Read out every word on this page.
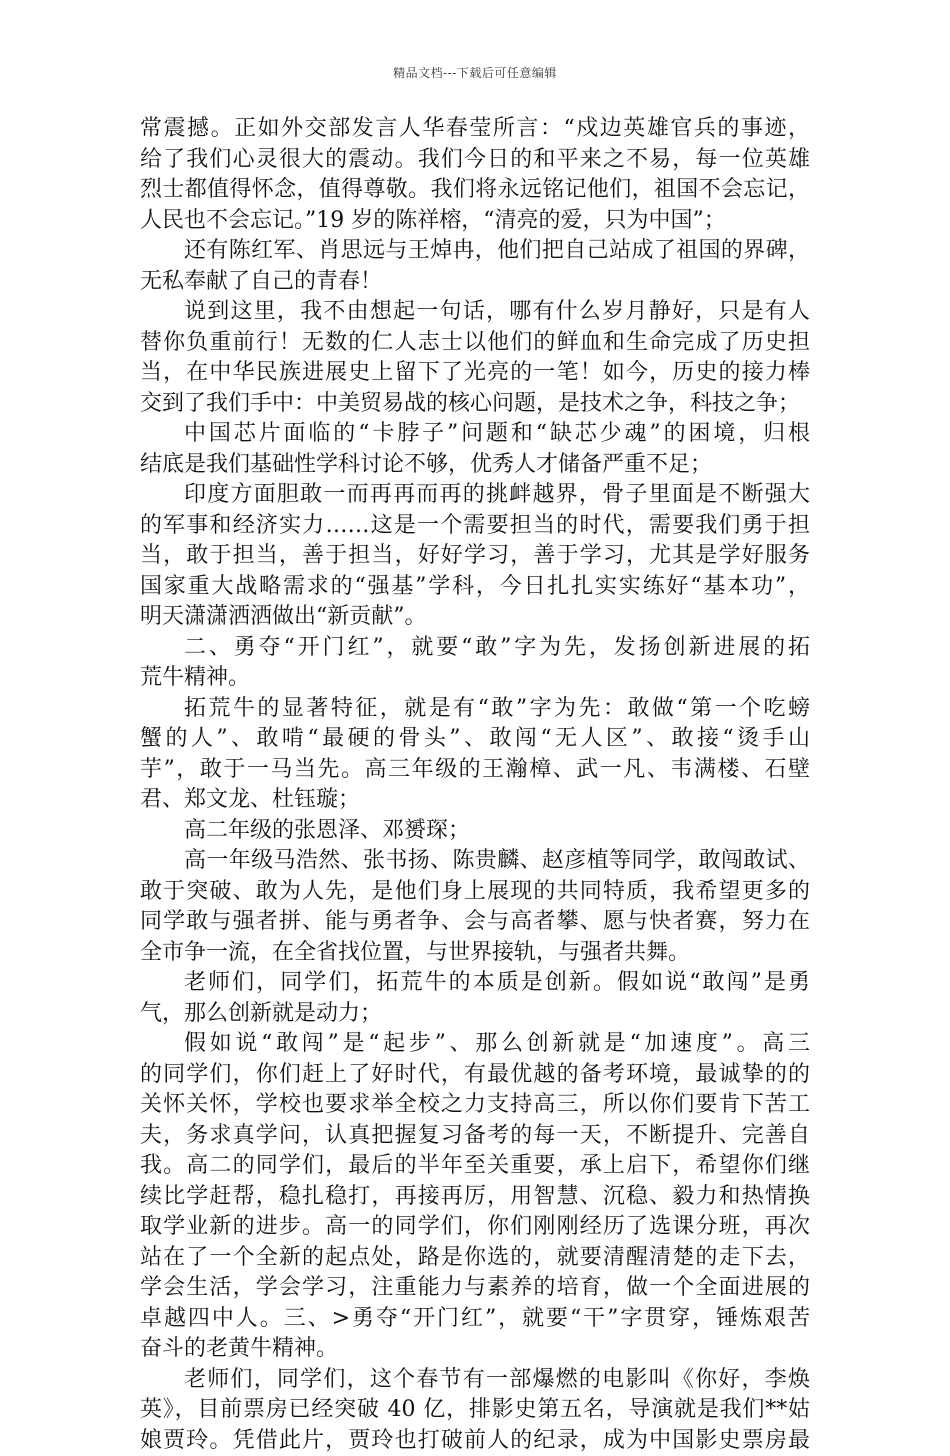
精品文档---下载后可任意编辑
常震撼。正如外交部发言人华春莹所言：“戍边英雄官兵的事迹，
给了我们心灵很大的震动。我们今日的和平来之不易，每一位英雄
烈士都值得怀念，值得尊敬。我们将永远铭记他们，祖国不会忘记，
人民也不会忘记。”19 岁的陈祥榕，“清亮的爱，只为中国”；
还有陈红军、肖思远与王焯冉，他们把自己站成了祖国的界碑，
无私奉献了自己的青春！
说到这里，我不由想起一句话，哪有什么岁月静好，只是有人
替你负重前行！无数的仁人志士以他们的鲜血和生命完成了历史担
当，在中华民族进展史上留下了光亮的一笔！如今，历史的接力棒
交到了我们手中：中美贸易战的核心问题，是技术之争，科技之争；
中国芯片面临的“卡脖子”问题和“缺芯少魂”的困境，归根
结底是我们基础性学科讨论不够，优秀人才储备严重不足；
印度方面胆敢一而再再而再的挑衅越界，骨子里面是不断强大
的军事和经济实力……这是一个需要担当的时代，需要我们勇于担
当，敢于担当，善于担当，好好学习，善于学习，尤其是学好服务
国家重大战略需求的“强基”学科，今日扎扎实实练好“基本功”，
明天潇潇洒洒做出“新贡献”。
二、勇夺“开门红”，就要“敢”字为先，发扬创新进展的拓
荒牛精神。
拓荒牛的显著特征，就是有“敢”字为先：敢做“第一个吃螃
蟹的人”、敢啃“最硬的骨头”、敢闯“无人区”、敢接“烫手山
芋”，敢于一马当先。高三年级的王瀚樟、武一凡、韦满楼、石壁
君、郑文龙、杜钰璇；
高二年级的张恩泽、邓赟琛；
高一年级马浩然、张书扬、陈贵麟、赵彦植等同学，敢闯敢试、
敢于突破、敢为人先，是他们身上展现的共同特质，我希望更多的
同学敢与强者拼、能与勇者争、会与高者攀、愿与快者赛，努力在
全市争一流，在全省找位置，与世界接轨，与强者共舞。
老师们，同学们，拓荒牛的本质是创新。假如说“敢闯”是勇
气，那么创新就是动力；
假如说“敢闯”是“起步”、那么创新就是“加速度”。高三
的同学们，你们赶上了好时代，有最优越的备考环境，最诚挚的的
关怀关怀，学校也要求举全校之力支持高三，所以你们要肯下苦工
夫，务求真学问，认真把握复习备考的每一天，不断提升、完善自
我。高二的同学们，最后的半年至关重要，承上启下，希望你们继
续比学赶帮，稳扎稳打，再接再厉，用智慧、沉稳、毅力和热情换
取学业新的进步。高一的同学们，你们刚刚经历了选课分班，再次
站在了一个全新的起点处，路是你选的，就要清醒清楚的走下去，
学会生活，学会学习，注重能力与素养的培育，做一个全面进展的
卓越四中人。三、>勇夺“开门红”，就要“干”字贯穿，锤炼艰苦
奋斗的老黄牛精神。
老师们，同学们，这个春节有一部爆燃的电影叫《你好，李焕
英》，目前票房已经突破 40 亿，排影史第五名，导演就是我们**姑
娘贾玲。凭借此片，贾玲也打破前人的纪录，成为中国影史票房最
